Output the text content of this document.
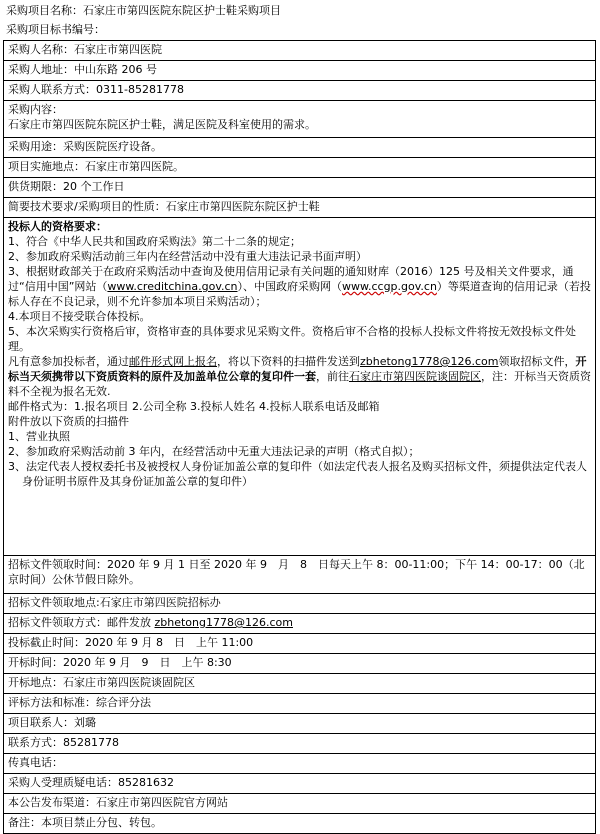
采购项目名称：石家庄市第四医院东院区护士鞋采购项目
采购项目标书编号：
采购人名称：石家庄市第四医院
采购人地址：中山东路 206 号
采购人联系方式：0311-85281778

采购内容：

石家庄市第四医院东院区护士鞋，满足医院及科室使用的需求。

采购用途：采购医院医疗设备。
项目实施地点：石家庄市第四医院。
供货期限：20 个工作日
简要技术要求/采购项目的性质：石家庄市第四医院东院区护士鞋

投标人的资格要求：

1、符合《中华人民共和国政府采购法》第二十二条的规定；

2、参加政府采购活动前三年内在经营活动中没有重大违法记录书面声明）

3、根据财政部关于在政府采购活动中查询及使用信用记录有关问题的通知财库（2016）125 号及相关文件要求，通过“信用中国”网站（www.creditchina.gov.cn）、中国政府采购网（www.ccgp.gov.cn）等渠道查询的信用记录（若投标人存在不良记录，则不允许参加本项目采购活动）；

4.本项目不接受联合体投标。

5、本次采购实行资格后审，资格审查的具体要求见采购文件。资格后审不合格的投标人投标文件将按无效投标文件处理。

凡有意参加投标者，通过邮件形式网上报名，将以下资料的扫描件发送到zbhetong1778@126.com领取招标文件，开标当天须携带以下资质资料的原件及加盖单位公章的复印件一套，前往石家庄市第四医院谈固院区，注：开标当天资质资料不全视为报名无效.

邮件格式为：1.报名项目 2.公司全称 3.投标人姓名 4.投标人联系电话及邮箱

附件放以下资质的扫描件

1、营业执照

2、参加政府采购活动前 3 年内，在经营活动中无重大违法记录的声明（格式自拟）；

3、法定代表人授权委托书及被授权人身份证加盖公章的复印件（如法定代表人报名及购买招标文件，须提供法定代表人身份证明书原件及其身份证加盖公章的复印件）

招标文件领取时间：2020 年 9 月 1 日至 2020 年 9　月　8　日每天上午 8：00-11:00；下午 14：00-17：00（北京时间）公休节假日除外。
招标文件领取地点:石家庄市第四医院招标办
招标文件领取方式：邮件发放 zbhetong1778@126.com
投标截止时间：2020 年 9 月 8　日　上午 11:00
开标时间：2020 年 9 月　9　日　上午 8:30
开标地点：石家庄市第四医院谈固院区
评标方法和标准：综合评分法
项目联系人：刘璐
联系方式：85281778
传真电话：
采购人受理质疑电话：85281632
本公告发布渠道：石家庄市第四医院官方网站
备注：本项目禁止分包、转包。
